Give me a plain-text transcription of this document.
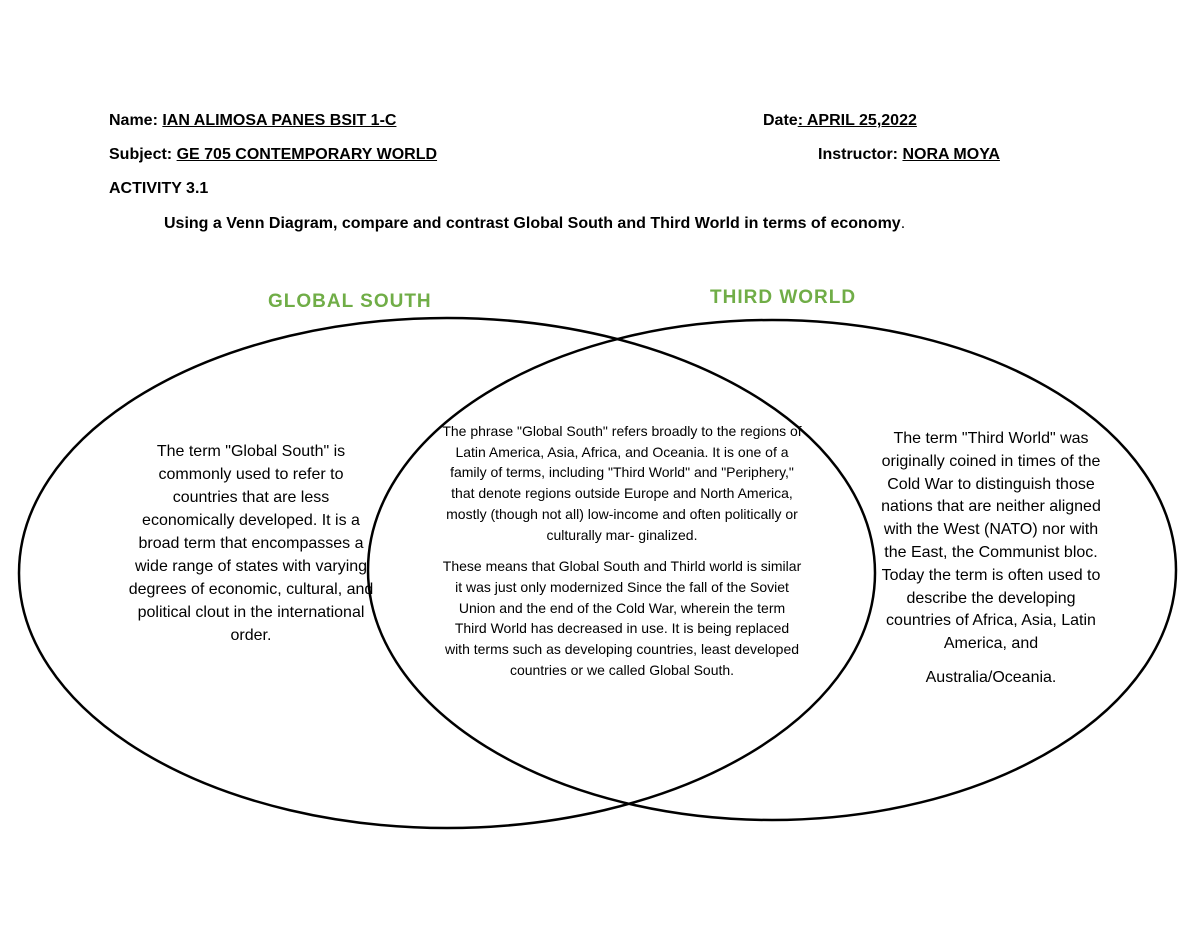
Name: IAN ALIMOSA PANES BSIT 1-C	Date: APRIL 25,2022
Subject: GE 705 CONTEMPORARY WORLD	Instructor: NORA MOYA
ACTIVITY 3.1
Using a Venn Diagram, compare and contrast Global South and Third World in terms of economy.
GLOBAL SOUTH	THIRD WORLD
The term "Global South" is commonly used to refer to countries that are less economically developed. It is a broad term that encompasses a wide range of states with varying degrees of economic, cultural, and political clout in the international order.

The phrase "Global South" refers broadly to the regions of Latin America, Asia, Africa, and Oceania. It is one of a family of terms, including "Third World" and "Periphery," that denote regions outside Europe and North America, mostly (though not all) low-income and often politically or culturally mar- ginalized.

These means that Global South and Thirld world is similar it was just only modernized Since the fall of the Soviet Union and the end of the Cold War, wherein the term Third World has decreased in use. It is being replaced with terms such as developing countries, least developed countries or we called Global South.

The term "Third World" was originally coined in times of the Cold War to distinguish those nations that are neither aligned with the West (NATO) nor with the East, the Communist bloc. Today the term is often used to describe the developing countries of Africa, Asia, Latin America, and

Australia/Oceania.
